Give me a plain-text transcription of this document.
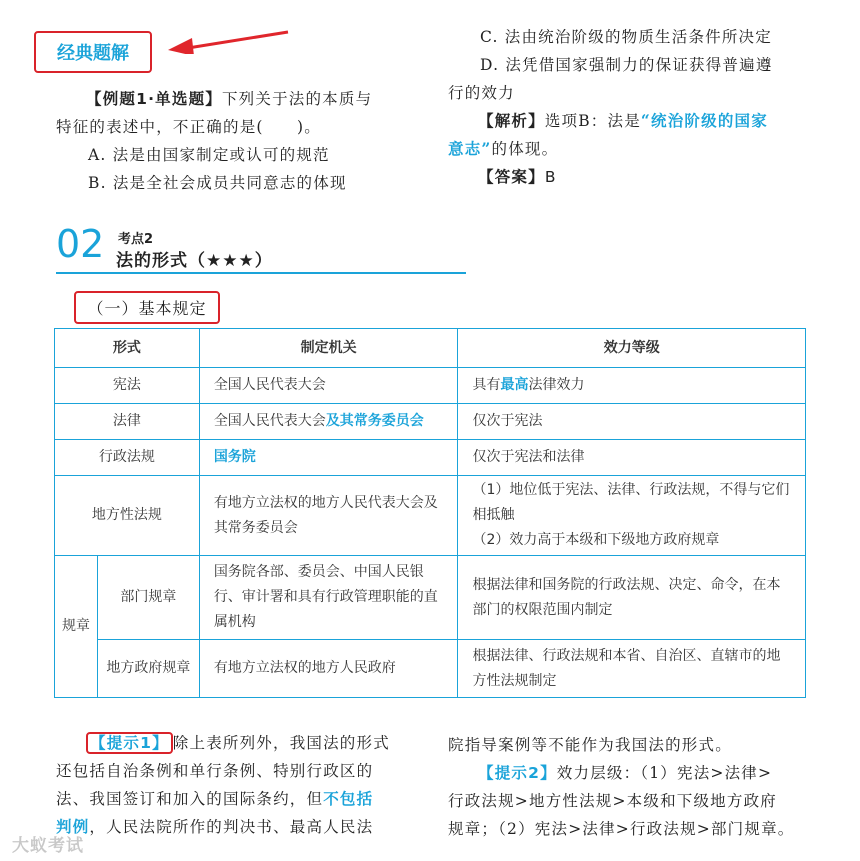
经典题解

【例题1·单选题】下列关于法的本质与

特征的表述中，不正确的是(　　)。

A. 法是由国家制定或认可的规范

B. 法是全社会成员共同意志的体现

C. 法由统治阶级的物质生活条件所决定

D. 法凭借国家强制力的保证获得普遍遵

行的效力

【解析】选项B：法是“统治阶级的国家

意志”的体现。

【答案】B

02 考点2
法的形式（★★★）
（一）基本规定
形式		制定机关	效力等级
宪法		全国人民代表大会	具有最高法律效力
法律		全国人民代表大会及其常务委员会	仅次于宪法
行政法规		国务院	仅次于宪法和法律
地方性法规		有地方立法权的地方人民代表大会及其常务委员会	（1）地位低于宪法、法律、行政法规，不得与它们相抵触
（2）效力高于本级和下级地方政府规章

规章	部门规章	国务院各部、委员会、中国人民银行、审计署和具有行政管理职能的直属机构	根据法律和国务院的行政法规、决定、命令，在本部门的权限范围内制定
	地方政府规章	有地方立法权的地方人民政府	根据法律、行政法规和本省、自治区、直辖市的地方性法规制定

【提示1】 除上表所列外，我国法的形式

还包括自治条例和单行条例、特别行政区的

法、我国签订和加入的国际条约，但不包括

判例，人民法院所作的判决书、最高人民法

院指导案例等不能作为我国法的形式。

【提示2】效力层级：（1）宪法>法律>

行政法规>地方性法规>本级和下级地方政府

规章；（2）宪法>法律>行政法规>部门规章。

大蚁考试
